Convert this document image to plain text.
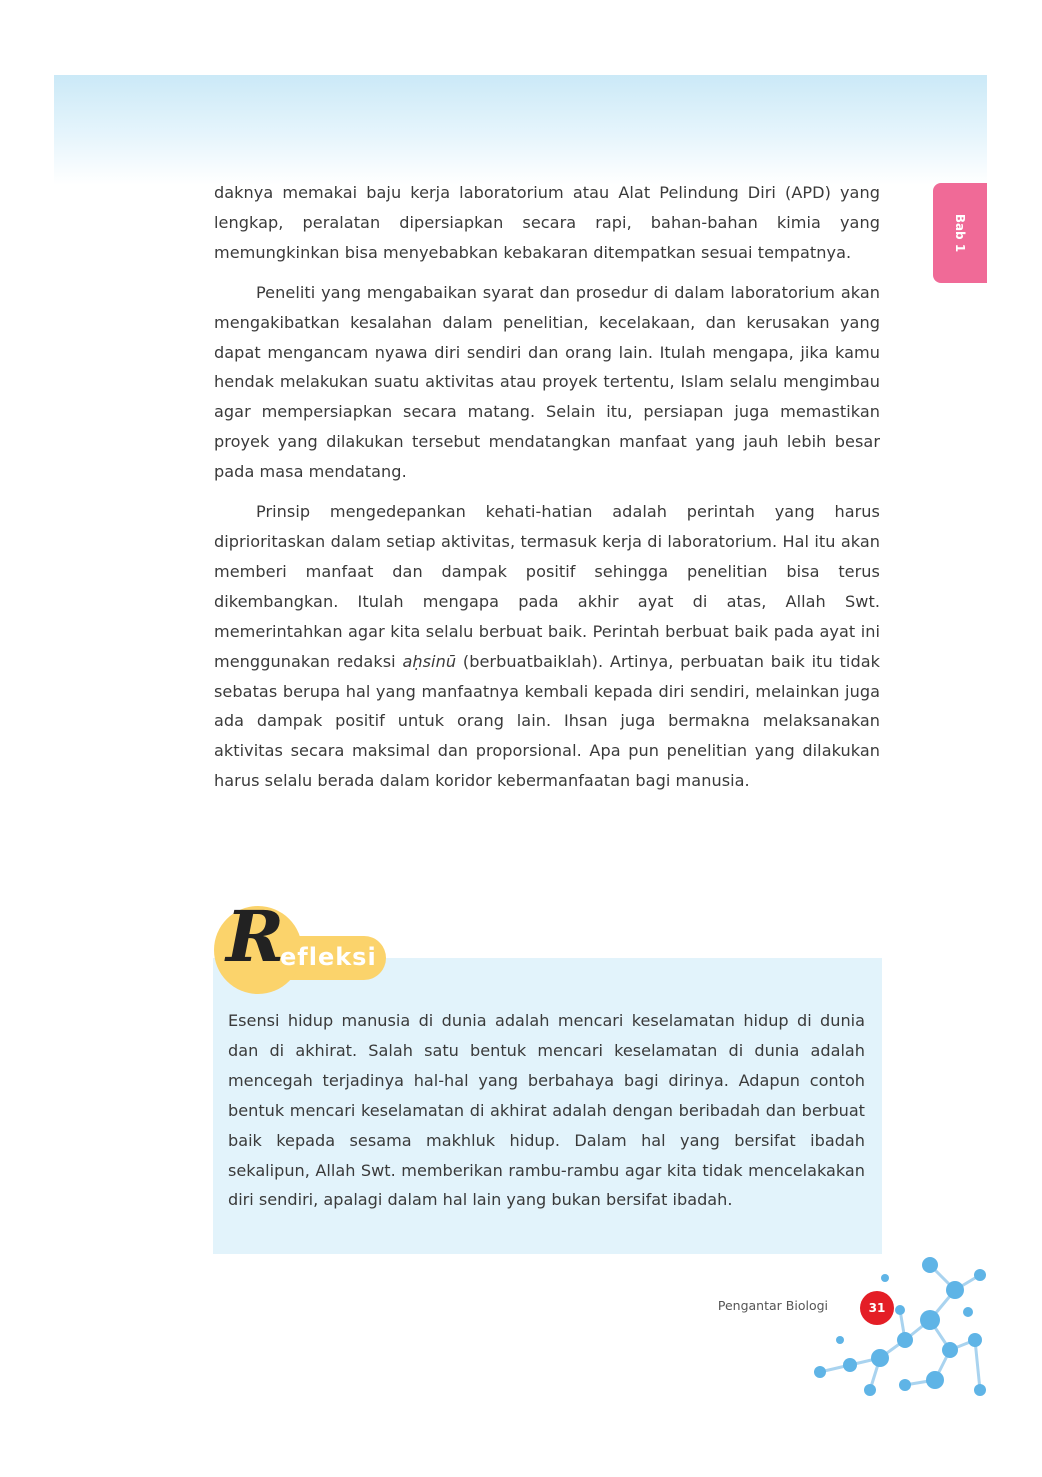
Bab 1

daknya memakai baju kerja laboratorium atau Alat Pelindung Diri (APD) yang lengkap, peralatan dipersiapkan secara rapi, bahan-bahan kimia yang memungkinkan bisa menyebabkan kebakaran ditempatkan sesuai tempatnya.

Peneliti yang mengabaikan syarat dan prosedur di dalam laboratorium akan mengakibatkan kesalahan dalam penelitian, kecelakaan, dan kerusakan yang dapat mengancam nyawa diri sendiri dan orang lain. Itulah mengapa, jika kamu hendak melakukan suatu aktivitas atau proyek tertentu, Islam selalu mengimbau agar mempersiapkan secara matang. Selain itu, persiapan juga memastikan proyek yang dilakukan tersebut mendatangkan manfaat yang jauh lebih besar pada masa mendatang.

Prinsip mengedepankan kehati-hatian adalah perintah yang harus diprioritaskan dalam setiap aktivitas, termasuk kerja di laboratorium. Hal itu akan memberi manfaat dan dampak positif sehingga penelitian bisa terus dikembangkan. Itulah mengapa pada akhir ayat di atas, Allah Swt. memerintahkan agar kita selalu berbuat baik. Perintah berbuat baik pada ayat ini menggunakan redaksi aḥsinū (berbuatbaiklah). Artinya, perbuatan baik itu tidak sebatas berupa hal yang manfaatnya kembali kepada diri sendiri, melainkan juga ada dampak positif untuk orang lain. Ihsan juga bermakna melaksanakan aktivitas secara maksimal dan proporsional. Apa pun penelitian yang dilakukan harus selalu berada dalam koridor kebermanfaatan bagi manusia.

R
efleksi

Esensi hidup manusia di dunia adalah mencari keselamatan hidup di dunia dan di akhirat. Salah satu bentuk mencari keselamatan di dunia adalah mencegah terjadinya hal-hal yang berbahaya bagi dirinya. Adapun contoh bentuk mencari keselamatan di akhirat adalah dengan beribadah dan berbuat baik kepada sesama makhluk hidup. Dalam hal yang bersifat ibadah sekalipun, Allah Swt. memberikan rambu-rambu agar kita tidak mencelakakan diri sendiri, apalagi dalam hal lain yang bukan bersifat ibadah.

Pengantar Biologi	31
